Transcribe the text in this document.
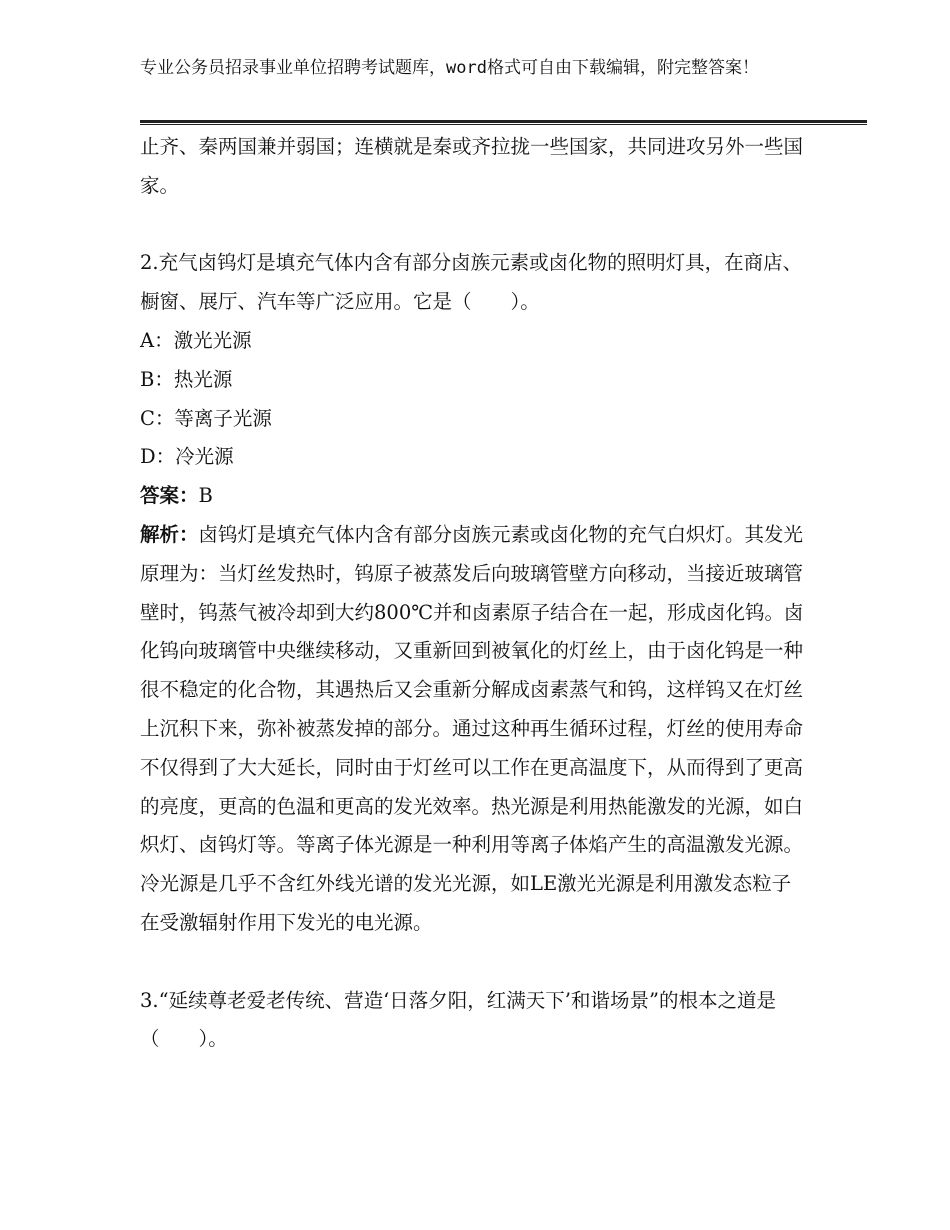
专业公务员招录事业单位招聘考试题库，word格式可自由下载编辑，附完整答案！

止齐、秦两国兼并弱国；连横就是秦或齐拉拢一些国家，共同进攻另外一些国家。

2.充气卤钨灯是填充气体内含有部分卤族元素或卤化物的照明灯具，在商店、橱窗、展厅、汽车等广泛应用。它是（　　）。

A：激光光源

B：热光源

C：等离子光源

D：冷光源

答案：B

解析：卤钨灯是填充气体内含有部分卤族元素或卤化物的充气白炽灯。其发光原理为：当灯丝发热时，钨原子被蒸发后向玻璃管壁方向移动，当接近玻璃管壁时，钨蒸气被冷却到大约800℃并和卤素原子结合在一起，形成卤化钨。卤化钨向玻璃管中央继续移动，又重新回到被氧化的灯丝上，由于卤化钨是一种很不稳定的化合物，其遇热后又会重新分解成卤素蒸气和钨，这样钨又在灯丝上沉积下来，弥补被蒸发掉的部分。通过这种再生循环过程，灯丝的使用寿命不仅得到了大大延长，同时由于灯丝可以工作在更高温度下，从而得到了更高的亮度，更高的色温和更高的发光效率。热光源是利用热能激发的光源，如白炽灯、卤钨灯等。等离子体光源是一种利用等离子体焰产生的高温激发光源。冷光源是几乎不含红外线光谱的发光光源，如LE激光光源是利用激发态粒子在受激辐射作用下发光的电光源。

3.“延续尊老爱老传统、营造‘日落夕阳，红满天下’和谐场景”的根本之道是（　　）。
